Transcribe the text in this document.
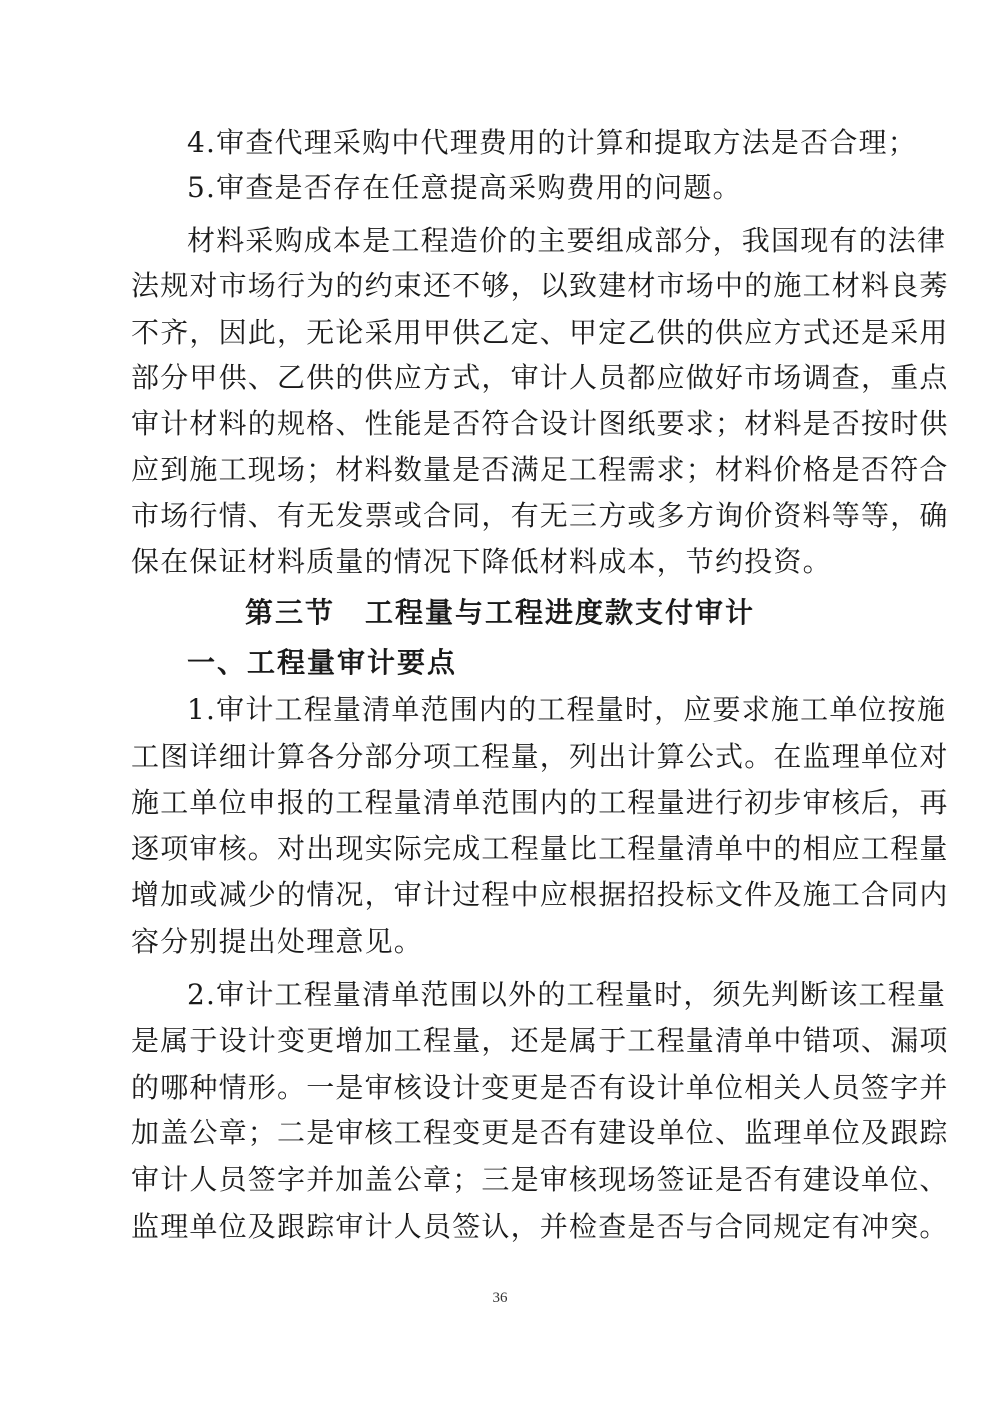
4.审查代理采购中代理费用的计算和提取方法是否合理；
5.审查是否存在任意提高采购费用的问题。
材料采购成本是工程造价的主要组成部分，我国现有的法律
法规对市场行为的约束还不够，以致建材市场中的施工材料良莠
不齐，因此，无论采用甲供乙定、甲定乙供的供应方式还是采用
部分甲供、乙供的供应方式，审计人员都应做好市场调查，重点
审计材料的规格、性能是否符合设计图纸要求；材料是否按时供
应到施工现场；材料数量是否满足工程需求；材料价格是否符合
市场行情、有无发票或合同，有无三方或多方询价资料等等，确
保在保证材料质量的情况下降低材料成本，节约投资。
第三节　工程量与工程进度款支付审计
一、工程量审计要点
1.审计工程量清单范围内的工程量时，应要求施工单位按施
工图详细计算各分部分项工程量，列出计算公式。在监理单位对
施工单位申报的工程量清单范围内的工程量进行初步审核后，再
逐项审核。对出现实际完成工程量比工程量清单中的相应工程量
增加或减少的情况，审计过程中应根据招投标文件及施工合同内
容分别提出处理意见。
2.审计工程量清单范围以外的工程量时，须先判断该工程量
是属于设计变更增加工程量，还是属于工程量清单中错项、漏项
的哪种情形。一是审核设计变更是否有设计单位相关人员签字并
加盖公章；二是审核工程变更是否有建设单位、监理单位及跟踪
审计人员签字并加盖公章；三是审核现场签证是否有建设单位、
监理单位及跟踪审计人员签认，并检查是否与合同规定有冲突。
36
